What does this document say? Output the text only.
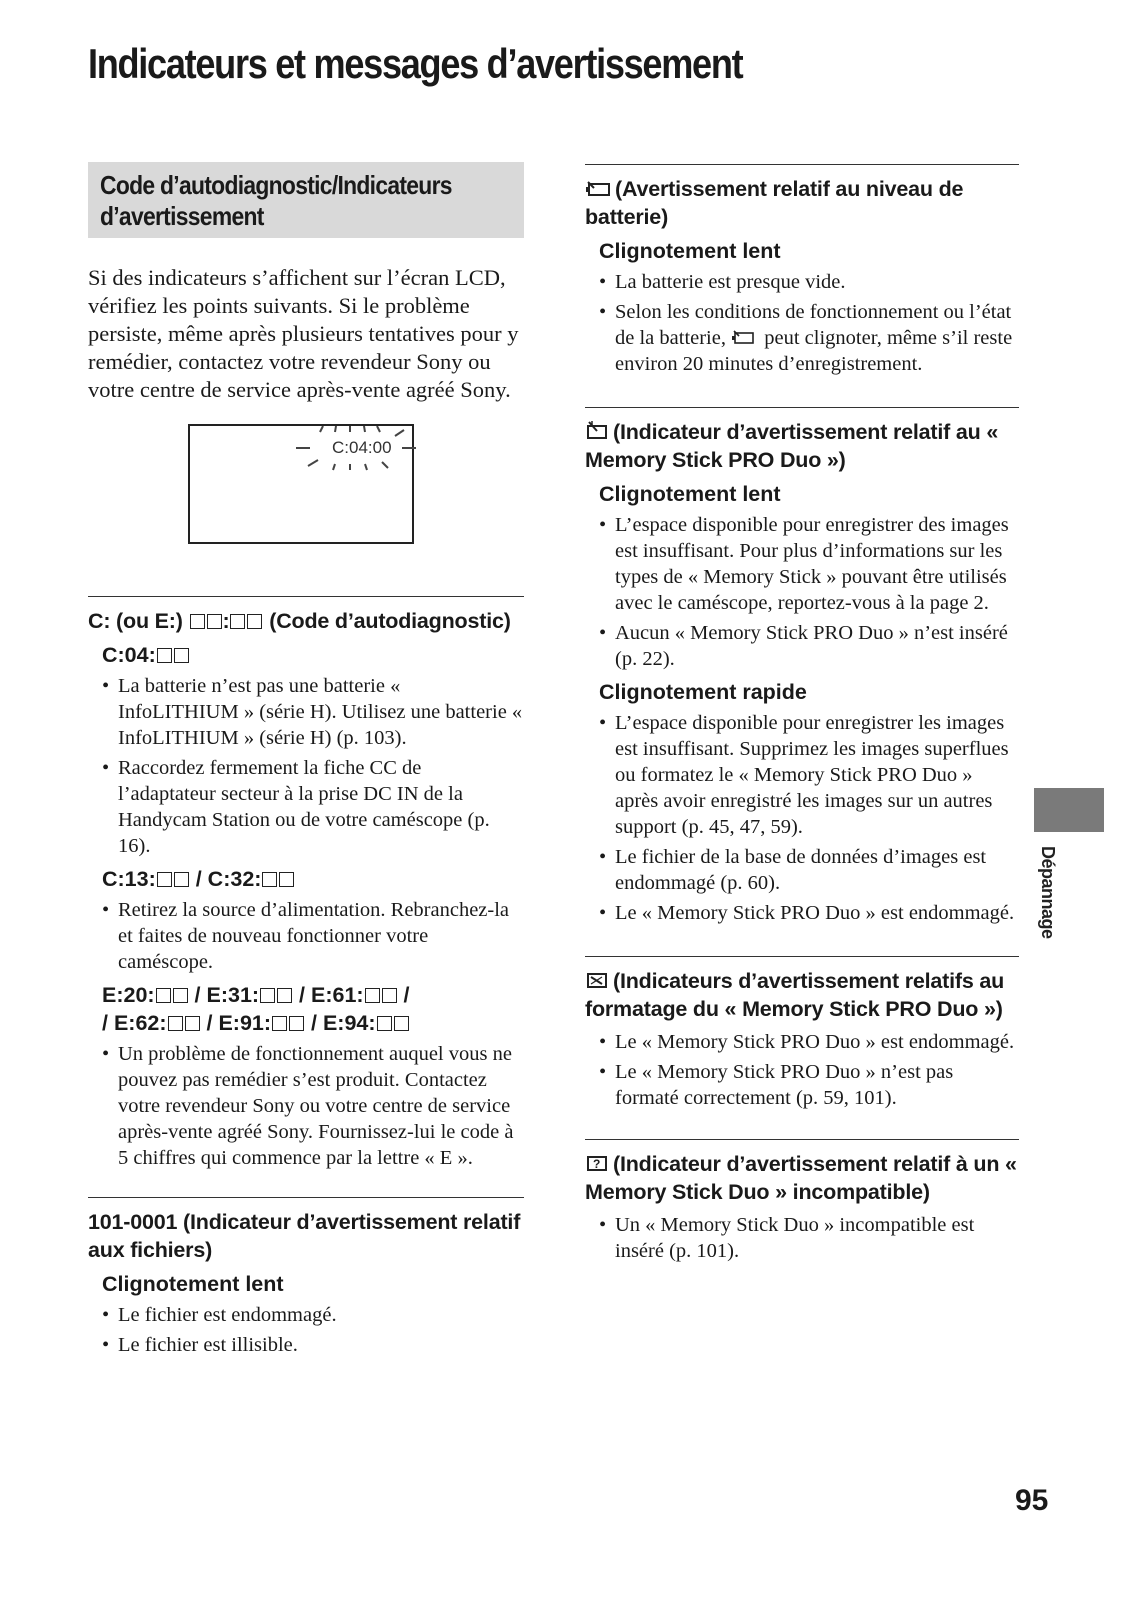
Indicateurs et messages d’avertissement
Code d’autodiagnostic/Indicateurs
d’avertissement

Si des indicateurs s’affichent sur l’écran LCD, vérifiez les points suivants. Si le problème persiste, même après plusieurs tentatives pour y remédier, contactez votre revendeur Sony ou votre centre de service après-vente agréé Sony.

C:04:00
C: (ou E:) : (Code d’autodiagnostic)
C:04:
• La batterie n’est pas une batterie « InfoLITHIUM » (série H). Utilisez une batterie « InfoLITHIUM » (série H) (p. 103).
• Raccordez fermement la fiche CC de l’adaptateur secteur à la prise DC IN de la Handycam Station ou de votre caméscope (p. 16).
C:13: / C:32:
• Retirez la source d’alimentation. Rebranchez-la et faites de nouveau fonctionner votre caméscope.
E:20: / E:31: / E:61: /
/ E:62: / E:91: / E:94:
• Un problème de fonctionnement auquel vous ne pouvez pas remédier s’est produit. Contactez votre revendeur Sony ou votre centre de service après-vente agréé Sony. Fournissez-lui le code à 5 chiffres qui commence par la lettre « E ».
101-0001 (Indicateur d’avertissement relatif aux fichiers)
Clignotement lent
• Le fichier est endommagé.
• Le fichier est illisible.
(Avertissement relatif au niveau de batterie)
Clignotement lent
• La batterie est presque vide.
• Selon les conditions de fonctionnement ou l’état de la batterie,  peut clignoter, même s’il reste environ 20 minutes d’enregistrement.
(Indicateur d’avertissement relatif au « Memory Stick PRO Duo »)
Clignotement lent
• L’espace disponible pour enregistrer des images est insuffisant. Pour plus d’informations sur les types de « Memory Stick » pouvant être utilisés avec le caméscope, reportez-vous à la page 2.
• Aucun « Memory Stick PRO Duo » n’est inséré (p. 22).
Clignotement rapide
• L’espace disponible pour enregistrer les images est insuffisant. Supprimez les images superflues ou formatez le « Memory Stick PRO Duo » après avoir enregistré les images sur un autres support (p. 45, 47, 59).
• Le fichier de la base de données d’images est endommagé (p. 60).
• Le « Memory Stick PRO Duo » est endommagé.
(Indicateurs d’avertissement relatifs au formatage du « Memory Stick PRO Duo »)
• Le « Memory Stick PRO Duo » est endommagé.
• Le « Memory Stick PRO Duo » n’est pas formaté correctement (p. 59, 101).
? (Indicateur d’avertissement relatif à un « Memory Stick Duo » incompatible)
• Un « Memory Stick Duo » incompatible est inséré (p. 101).
Dépannage
95
